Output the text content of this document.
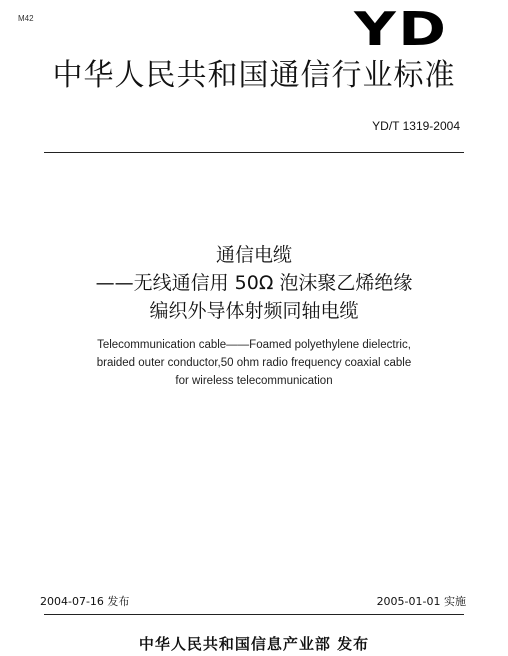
M42	YD
中华人民共和国通信行业标准
YD/T 1319-2004
通信电缆
——无线通信用 50Ω 泡沫聚乙烯绝缘
编织外导体射频同轴电缆
Telecommunication cable——Foamed polyethylene dielectric,
braided outer conductor,50 ohm radio frequency coaxial cable
for wireless telecommunication
2004-07-16 发布	2005-01-01 实施
中华人民共和国信息产业部 发布
